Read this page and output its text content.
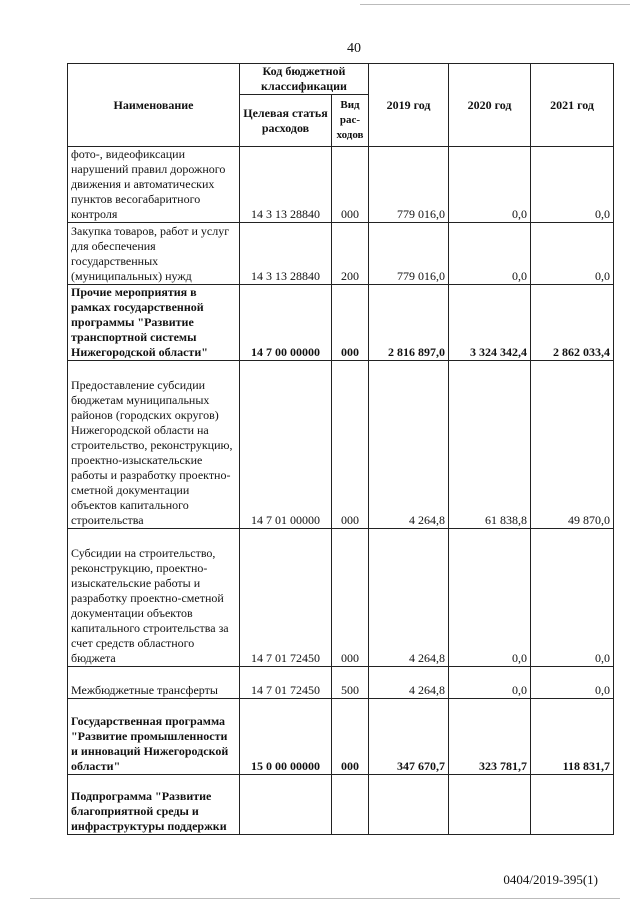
40
Наименование	Код бюджетной классификации		2019 год	2020 год	2021 год
	Целевая статья расходов	Вид рас-ходов			
фото-, видеофиксации нарушений правил дорожного движения и автоматических пунктов весогабаритного контроля	14 3 13 28840	000	779 016,0	0,0	0,0
Закупка товаров, работ и услуг для обеспечения государственных (муниципальных) нужд	14 3 13 28840	200	779 016,0	0,0	0,0
Прочие мероприятия в рамках государственной программы "Развитие транспортной системы Нижегородской области"	14 7 00 00000	000	2 816 897,0	3 324 342,4	2 862 033,4
Предоставление субсидии бюджетам муниципальных районов (городских округов) Нижегородской области на строительство, реконструкцию, проектно-изыскательские работы и разработку проектно-сметной документации объектов капитального строительства	14 7 01 00000	000	4 264,8	61 838,8	49 870,0
Субсидии на строительство, реконструкцию, проектно-изыскательские работы и разработку проектно-сметной документации объектов капитального строительства за счет средств областного бюджета	14 7 01 72450	000	4 264,8	0,0	0,0
Межбюджетные трансферты	14 7 01 72450	500	4 264,8	0,0	0,0
Государственная программа "Развитие промышленности и инноваций Нижегородской области"	15 0 00 00000	000	347 670,7	323 781,7	118 831,7
Подпрограмма "Развитие благоприятной среды и инфраструктуры поддержки					
0404/2019-395(1)
